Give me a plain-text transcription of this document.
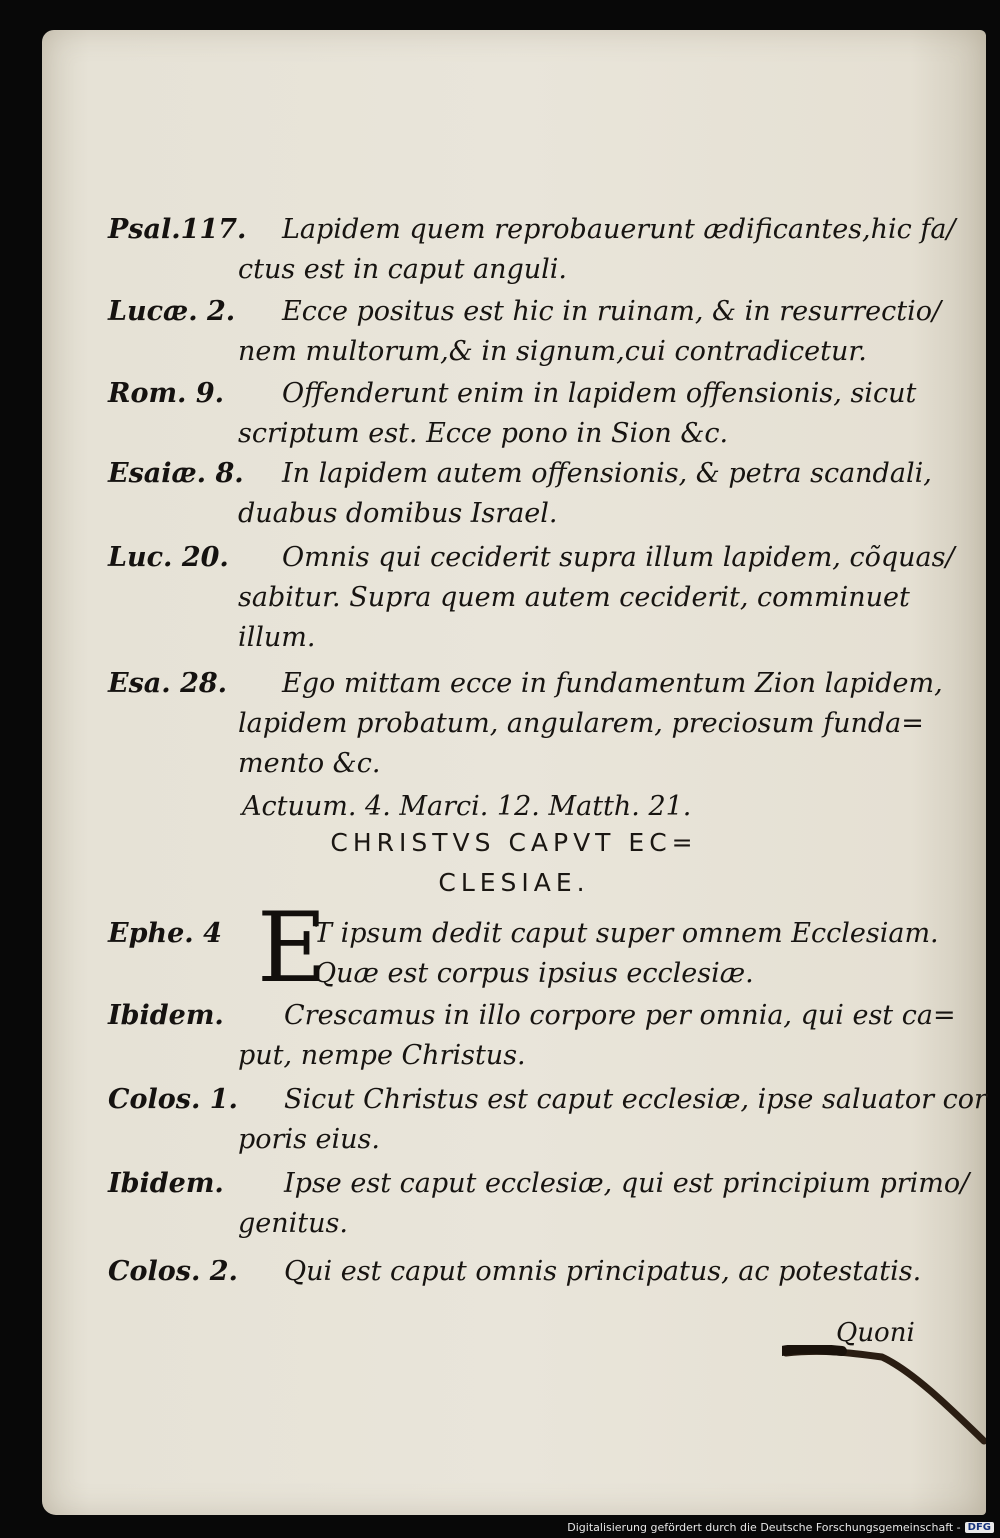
Psal.117. Lapidem quem reprobauerunt ædificantes,hic fa/
ctus est in caput anguli.
Lucæ. 2. Ecce positus est hic in ruinam, & in resurrectio/
nem multorum,& in signum,cui contradicetur.
Rom. 9. Offenderunt enim in lapidem offensionis, sicut
scriptum est. Ecce pono in Sion &c.
Esaiæ. 8. In lapidem autem offensionis, & petra scandali,
duabus domibus Israel.
Luc. 20. Omnis qui ceciderit supra illum lapidem, cõquas/
sabitur. Supra quem autem ceciderit, comminuet
illum.
Esa. 28. Ego mittam ecce in fundamentum Zion lapidem,
lapidem probatum, angularem, preciosum funda=
mento &c.
Actuum. 4. Marci. 12. Matth. 21.
CHRISTVS CAPVT EC=
CLESIAE.
Ephe. 4	T ipsum dedit caput super omnem Ecclesiam.
Quæ est corpus ipsius ecclesiæ.
E
Ibidem. Crescamus in illo corpore per omnia, qui est ca=
put, nempe Christus.
Colos. 1. Sicut Christus est caput ecclesiæ, ipse saluator cor
poris eius.
Ibidem. Ipse est caput ecclesiæ, qui est principium primo/
genitus.
Colos. 2. Qui est caput omnis principatus, ac potestatis.
Quoni
Digitalisierung gefördert durch die Deutsche Forschungsgemeinschaft - DFG
